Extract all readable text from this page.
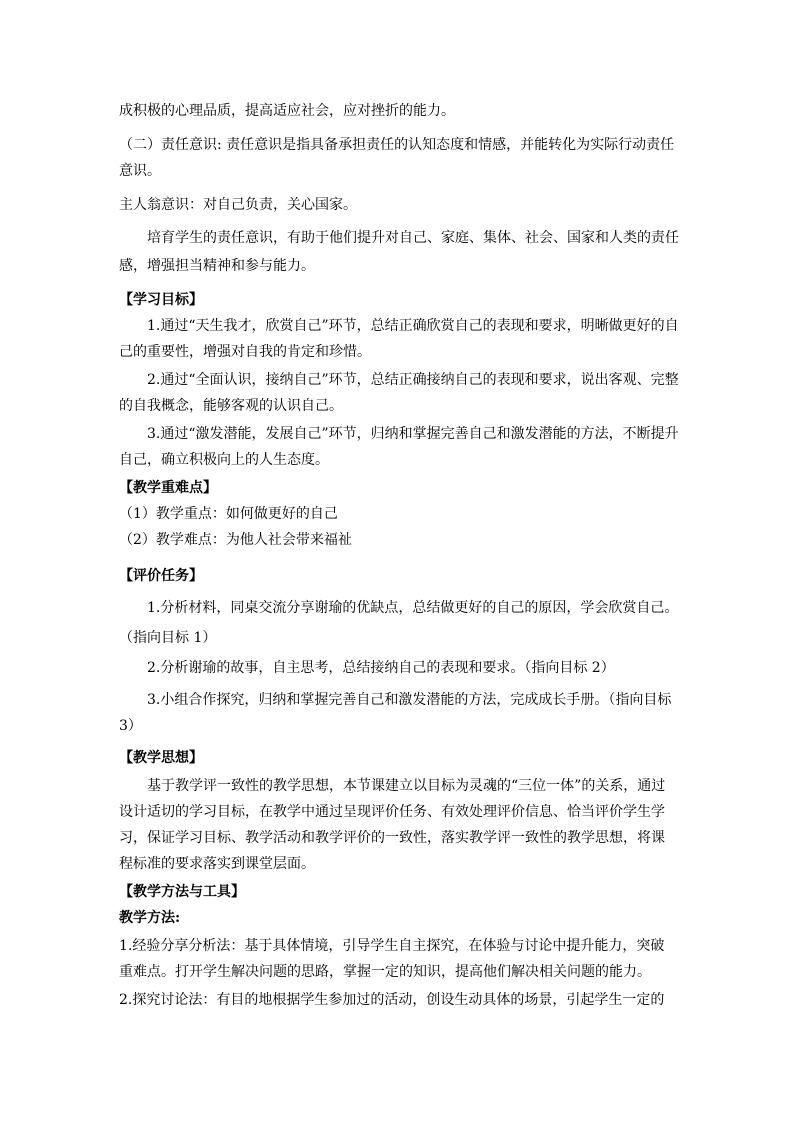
成积极的心理品质，提高适应社会，应对挫折的能力。

（二）责任意识: 责任意识是指具备承担责任的认知态度和情感，并能转化为实际行动责任

意识。

主人翁意识：对自己负责，关心国家。

培育学生的责任意识，有助于他们提升对自己、家庭、集体、社会、国家和人类的责任

感，增强担当精神和参与能力。

【学习目标】

1.通过“天生我才，欣赏自己”环节，总结正确欣赏自己的表现和要求，明晰做更好的自

己的重要性，增强对自我的肯定和珍惜。

2.通过“全面认识，接纳自己”环节，总结正确接纳自己的表现和要求，说出客观、完整

的自我概念，能够客观的认识自己。

3.通过“激发潜能，发展自己”环节，归纳和掌握完善自己和激发潜能的方法，不断提升

自己，确立积极向上的人生态度。

【教学重难点】

（1）教学重点：如何做更好的自己

（2）教学难点：为他人社会带来福祉

【评价任务】

1.分析材料，同桌交流分享谢瑜的优缺点，总结做更好的自己的原因，学会欣赏自己。

（指向目标 1）

2.分析谢瑜的故事，自主思考，总结接纳自己的表现和要求。（指向目标 2）

3.小组合作探究，归纳和掌握完善自己和激发潜能的方法，完成成长手册。（指向目标

3）

【教学思想】

基于教学评一致性的教学思想，本节课建立以目标为灵魂的“三位一体”的关系，通过

设计适切的学习目标，在教学中通过呈现评价任务、有效处理评价信息、恰当评价学生学

习，保证学习目标、教学活动和教学评价的一致性，落实教学评一致性的教学思想，将课

程标准的要求落实到课堂层面。

【教学方法与工具】

教学方法:

1.经验分享分析法：基于具体情境，引导学生自主探究，在体验与讨论中提升能力，突破

重难点。打开学生解决问题的思路，掌握一定的知识，提高他们解决相关问题的能力。

2.探究讨论法：有目的地根据学生参加过的活动，创设生动具体的场景，引起学生一定的
